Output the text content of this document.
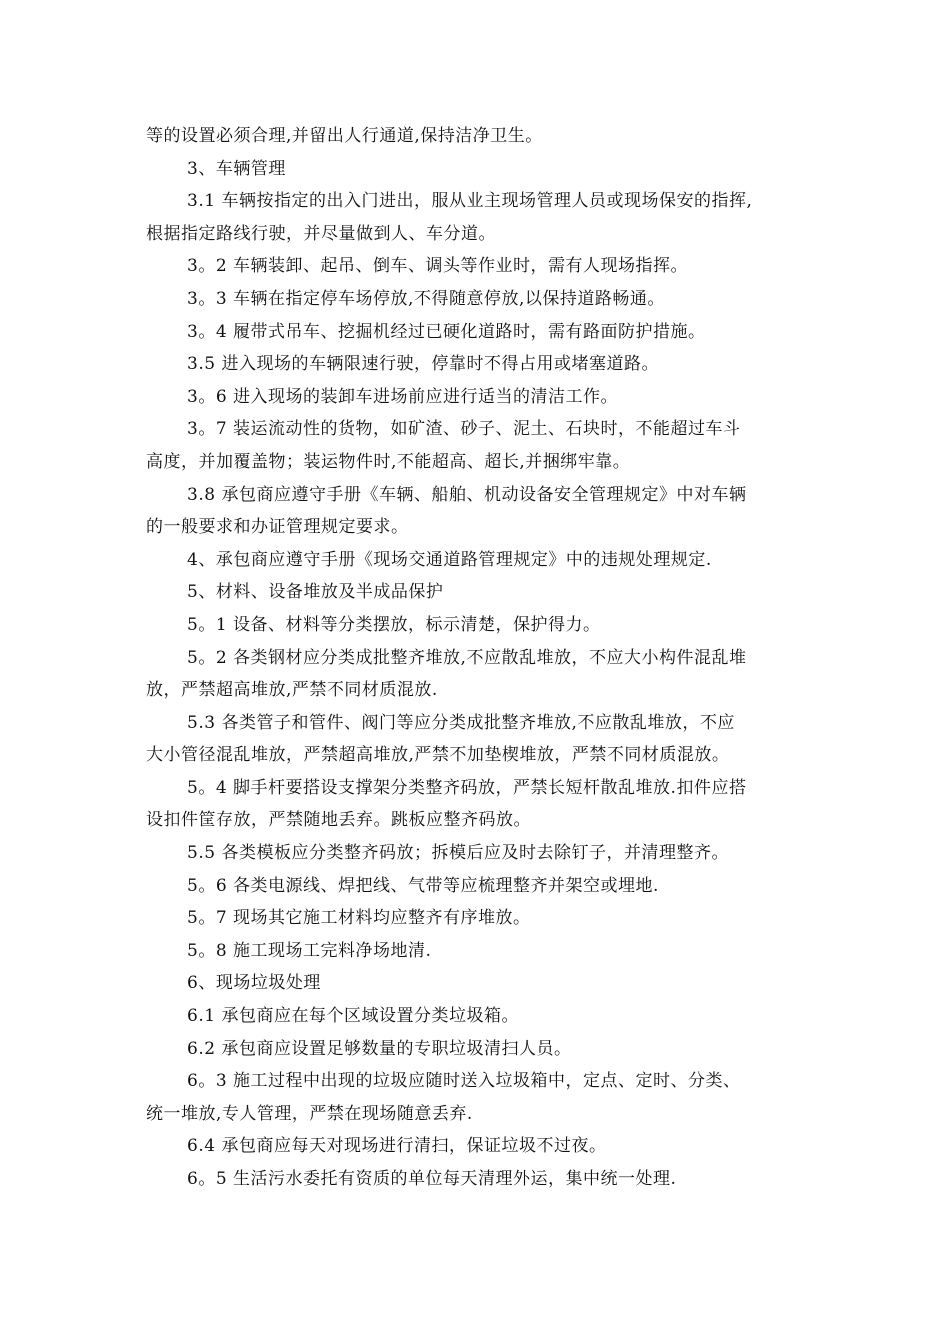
等的设置必须合理,并留出人行通道,保持洁净卫生。
3、车辆管理
3.1 车辆按指定的出入门进出，服从业主现场管理人员或现场保安的指挥,
根据指定路线行驶，并尽量做到人、车分道。
3。2 车辆装卸、起吊、倒车、调头等作业时，需有人现场指挥。
3。3 车辆在指定停车场停放,不得随意停放,以保持道路畅通。
3。4 履带式吊车、挖掘机经过已硬化道路时，需有路面防护措施。
3.5 进入现场的车辆限速行驶，停靠时不得占用或堵塞道路。
3。6 进入现场的装卸车进场前应进行适当的清洁工作。
3。7 装运流动性的货物，如矿渣、砂子、泥土、石块时，不能超过车斗
高度，并加覆盖物；装运物件时,不能超高、超长,并捆绑牢靠。
3.8 承包商应遵守手册《车辆、船舶、机动设备安全管理规定》中对车辆
的一般要求和办证管理规定要求。
4、承包商应遵守手册《现场交通道路管理规定》中的违规处理规定.
5、材料、设备堆放及半成品保护
5。1 设备、材料等分类摆放，标示清楚，保护得力。
5。2 各类钢材应分类成批整齐堆放,不应散乱堆放，不应大小构件混乱堆
放，严禁超高堆放,严禁不同材质混放.
5.3 各类管子和管件、阀门等应分类成批整齐堆放,不应散乱堆放，不应
大小管径混乱堆放，严禁超高堆放,严禁不加垫楔堆放，严禁不同材质混放。
5。4 脚手杆要搭设支撑架分类整齐码放，严禁长短杆散乱堆放.扣件应搭
设扣件筐存放，严禁随地丢弃。跳板应整齐码放。
5.5 各类模板应分类整齐码放；拆模后应及时去除钉子，并清理整齐。
5。6 各类电源线、焊把线、气带等应梳理整齐并架空或埋地.
5。7 现场其它施工材料均应整齐有序堆放。
5。8 施工现场工完料净场地清.
6、现场垃圾处理
6.1 承包商应在每个区域设置分类垃圾箱。
6.2 承包商应设置足够数量的专职垃圾清扫人员。
6。3 施工过程中出现的垃圾应随时送入垃圾箱中，定点、定时、分类、
统一堆放,专人管理，严禁在现场随意丢弃.
6.4 承包商应每天对现场进行清扫，保证垃圾不过夜。
6。5 生活污水委托有资质的单位每天清理外运，集中统一处理.
